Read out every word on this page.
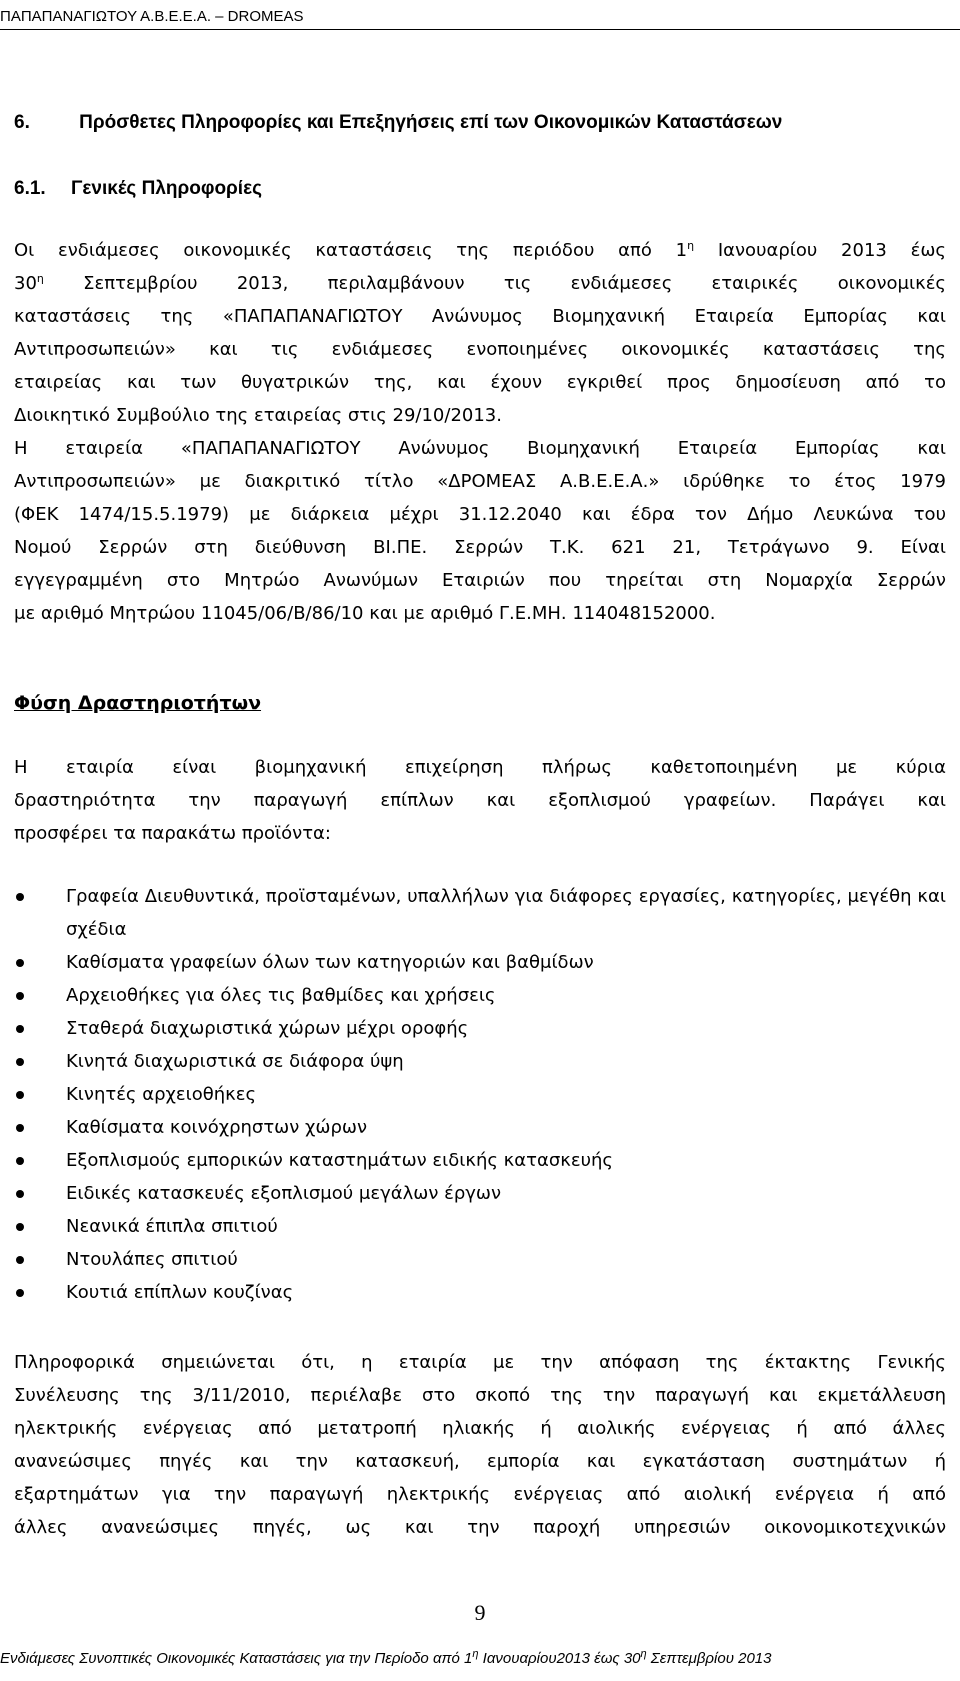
ΠΑΠΑΠΑΝΑΓΙΩΤΟΥ Α.Β.Ε.Ε.Α. – DROMEAS
6.	Πρόσθετες Πληροφορίες και Επεξηγήσεις επί των Οικονομικών Καταστάσεων
6.1. Γενικές Πληροφορίες
Οι ενδιάμεσες οικονομικές καταστάσεις της περιόδου από $1^\eta$ Ιανουαρίου 2013 έως
$30^\eta$ Σεπτεμβρίου 2013, περιλαμβάνουν τις ενδιάμεσες εταιρικές οικονομικές
καταστάσεις της «ΠΑΠΑΠΑΝΑΓΙΩΤΟΥ Ανώνυμος Βιομηχανική Εταιρεία Εμπορίας και
Αντιπροσωπειών» και τις ενδιάμεσες ενοποιημένες οικονομικές καταστάσεις της
εταιρείας και των θυγατρικών της, και έχουν εγκριθεί προς δημοσίευση από το
Διοικητικό Συμβούλιο της εταιρείας στις 29/10/2013.
Η εταιρεία «ΠΑΠΑΠΑΝΑΓΙΩΤΟΥ Ανώνυμος Βιομηχανική Εταιρεία Εμπορίας και
Αντιπροσωπειών» με διακριτικό τίτλο «ΔΡΟΜΕΑΣ Α.Β.Ε.Ε.Α.» ιδρύθηκε το έτος 1979
(ΦΕΚ 1474/15.5.1979) με διάρκεια μέχρι 31.12.2040 και έδρα τον Δήμο Λευκώνα του
Νομού Σερρών στη διεύθυνση ΒΙ.ΠΕ. Σερρών Τ.Κ. 621 21, Τετράγωνο 9. Είναι
εγγεγραμμένη στο Μητρώο Ανωνύμων Εταιριών που τηρείται στη Νομαρχία Σερρών
με αριθμό Μητρώου 11045/06/Β/86/10 και με αριθμό Γ.Ε.ΜΗ. 114048152000.
Φύση Δραστηριοτήτων
Η εταιρία είναι βιομηχανική επιχείρηση πλήρως καθετοποιημένη με κύρια
δραστηριότητα την παραγωγή επίπλων και εξοπλισμού γραφείων. Παράγει και
προσφέρει τα παρακάτω προϊόντα:
Γραφεία Διευθυντικά, προϊσταμένων, υπαλλήλων για διάφορες εργασίες, κατηγορίες, μεγέθη και σχέδια
Καθίσματα γραφείων όλων των κατηγοριών και βαθμίδων
Αρχειοθήκες για όλες τις βαθμίδες και χρήσεις
Σταθερά διαχωριστικά χώρων μέχρι οροφής
Κινητά διαχωριστικά σε διάφορα ύψη
Κινητές αρχειοθήκες
Καθίσματα κοινόχρηστων χώρων
Εξοπλισμούς εμπορικών καταστημάτων ειδικής κατασκευής
Ειδικές κατασκευές εξοπλισμού μεγάλων έργων
Νεανικά έπιπλα σπιτιού
Ντουλάπες σπιτιού
Κουτιά επίπλων κουζίνας
Πληροφορικά σημειώνεται ότι, η εταιρία με την απόφαση της έκτακτης Γενικής
Συνέλευσης της 3/11/2010, περιέλαβε στο σκοπό της την παραγωγή και εκμετάλλευση
ηλεκτρικής ενέργειας από μετατροπή ηλιακής ή αιολικής ενέργειας ή από άλλες
ανανεώσιμες πηγές και την κατασκευή, εμπορία και εγκατάσταση συστημάτων ή
εξαρτημάτων για την παραγωγή ηλεκτρικής ενέργειας από αιολική ενέργεια ή από
άλλες ανανεώσιμες πηγές, ως και την παροχή υπηρεσιών οικονομικοτεχνικών
9
Ενδιάμεσες Συνοπτικές Οικονομικές Καταστάσεις για την Περίοδο από $1^\eta$ Ιανουαρίου2013 έως $30^\eta$ Σεπτεμβρίου 2013
